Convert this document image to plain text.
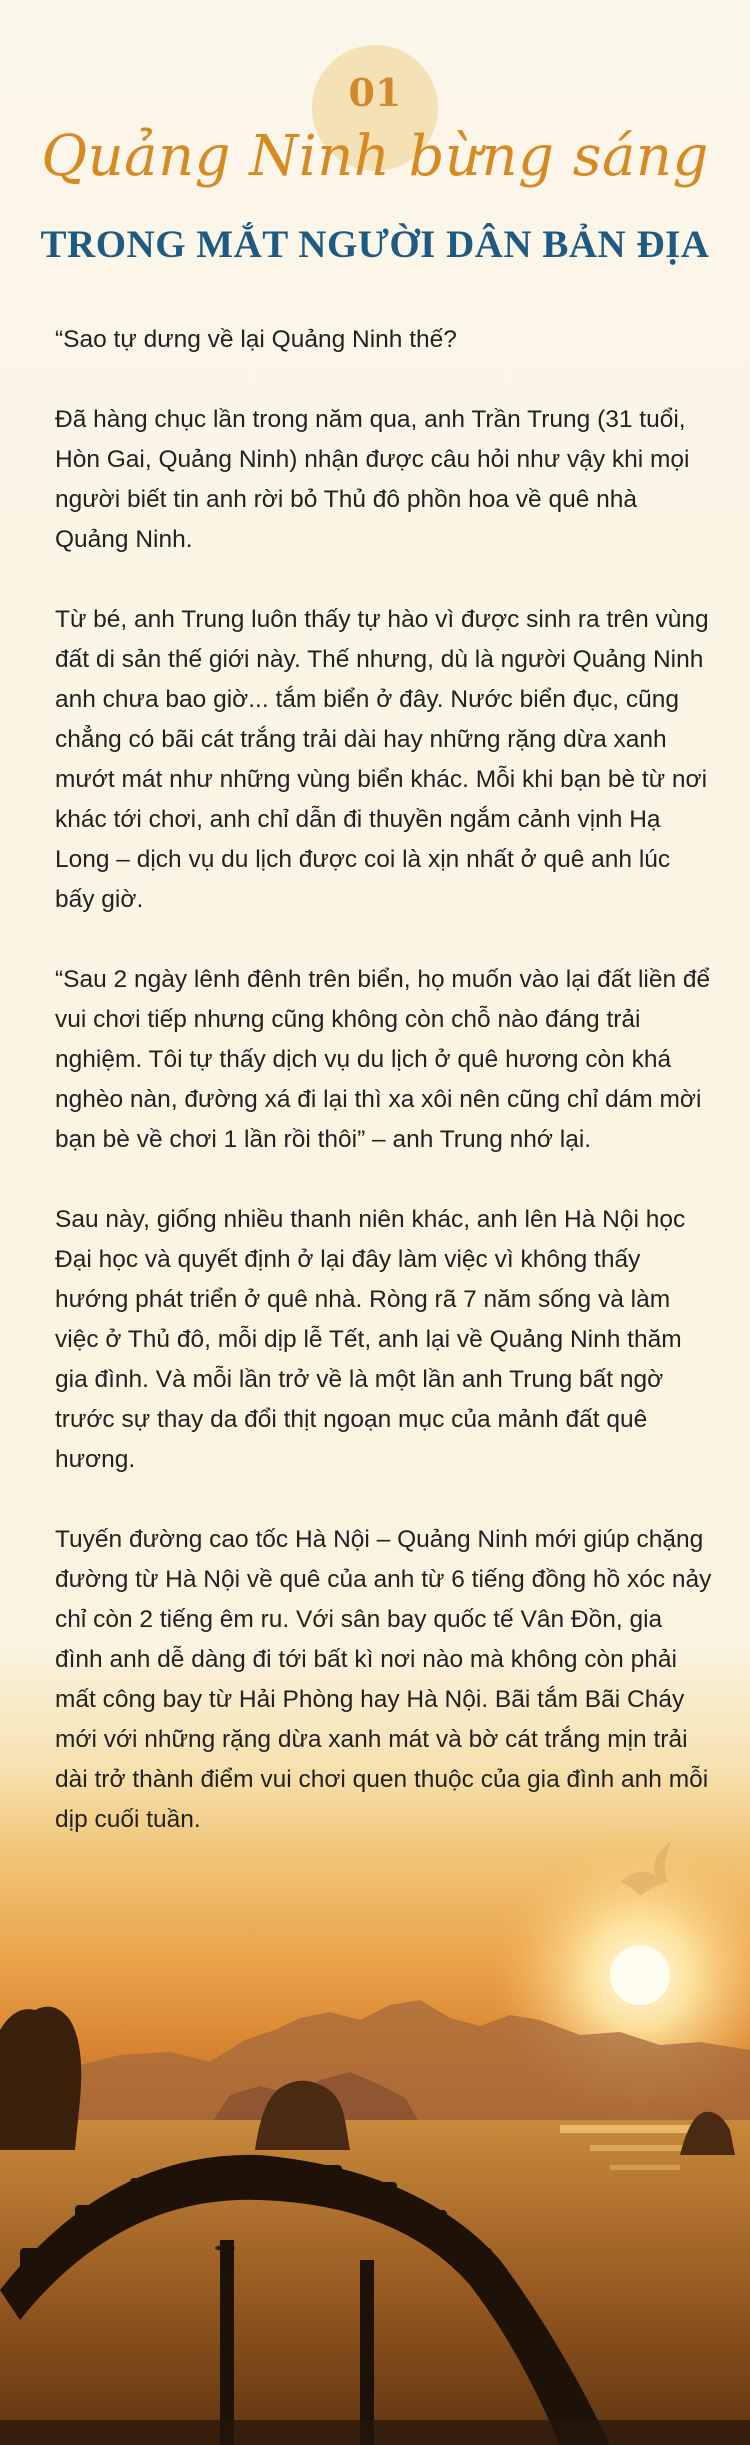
01
Quảng Ninh bừng sáng
TRONG MẮT NGƯỜI DÂN BẢN ĐỊA

“Sao tự dưng về lại Quảng Ninh thế?

Đã hàng chục lần trong năm qua, anh Trần Trung (31 tuổi, Hòn Gai, Quảng Ninh) nhận được câu hỏi như vậy khi mọi người biết tin anh rời bỏ Thủ đô phồn hoa về quê nhà Quảng Ninh.

Từ bé, anh Trung luôn thấy tự hào vì được sinh ra trên vùng đất di sản thế giới này. Thế nhưng, dù là người Quảng Ninh anh chưa bao giờ... tắm biển ở đây. Nước biển đục, cũng chẳng có bãi cát trắng trải dài hay những rặng dừa xanh mướt mát như những vùng biển khác. Mỗi khi bạn bè từ nơi khác tới chơi, anh chỉ dẫn đi thuyền ngắm cảnh vịnh Hạ Long – dịch vụ du lịch được coi là xịn nhất ở quê anh lúc bấy giờ.

“Sau 2 ngày lênh đênh trên biển, họ muốn vào lại đất liền để vui chơi tiếp nhưng cũng không còn chỗ nào đáng trải nghiệm. Tôi tự thấy dịch vụ du lịch ở quê hương còn khá nghèo nàn, đường xá đi lại thì xa xôi nên cũng chỉ dám mời bạn bè về chơi 1 lần rồi thôi” – anh Trung nhớ lại.

Sau này, giống nhiều thanh niên khác, anh lên Hà Nội học Đại học và quyết định ở lại đây làm việc vì không thấy hướng phát triển ở quê nhà. Ròng rã 7 năm sống và làm việc ở Thủ đô, mỗi dịp lễ Tết, anh lại về Quảng Ninh thăm gia đình. Và mỗi lần trở về là một lần anh Trung bất ngờ trước sự thay da đổi thịt ngoạn mục của mảnh đất quê hương.

Tuyến đường cao tốc Hà Nội – Quảng Ninh mới giúp chặng đường từ Hà Nội về quê của anh từ 6 tiếng đồng hồ xóc nảy chỉ còn 2 tiếng êm ru. Với sân bay quốc tế Vân Đồn, gia đình anh dễ dàng đi tới bất kì nơi nào mà không còn phải mất công bay từ Hải Phòng hay Hà Nội. Bãi tắm Bãi Cháy mới với những rặng dừa xanh mát và bờ cát trắng mịn trải dài trở thành điểm vui chơi quen thuộc của gia đình anh mỗi dịp cuối tuần.
